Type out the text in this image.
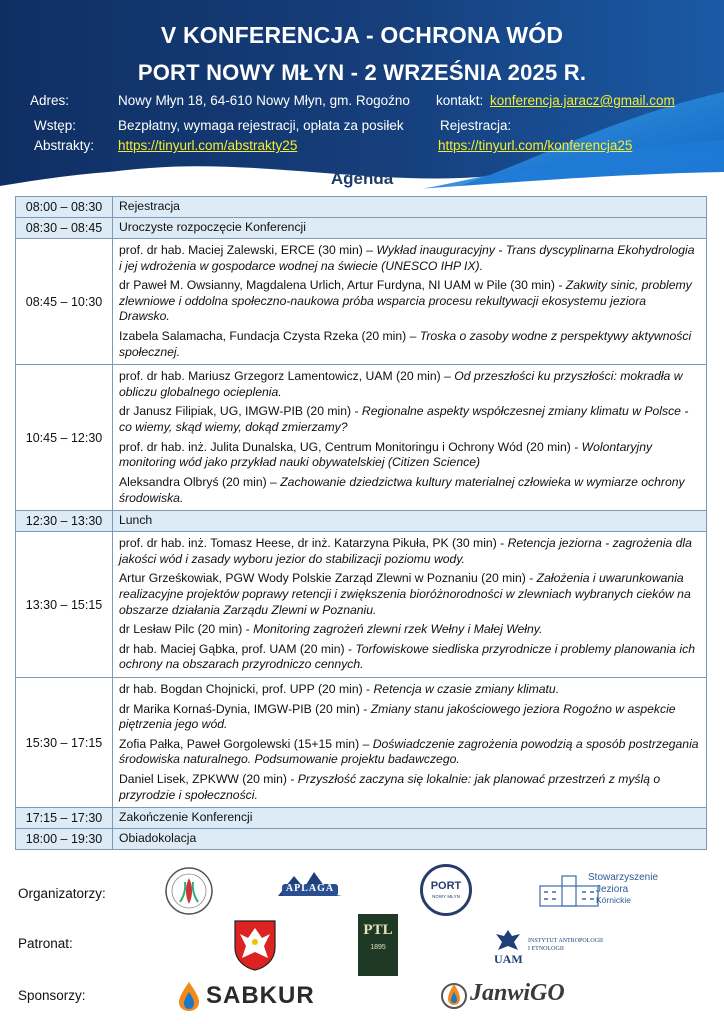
V KONFERENCJA - OCHRONA WÓD
PORT NOWY MŁYN - 2 WRZEŚNIA 2025 R.
Adres:	Nowy Młyn 18, 64-610 Nowy Młyn, gm. Rogoźno kontakt: konferencja.jaracz@gmail.com
Wstęp:	Bezpłatny, wymaga rejestracji, opłata za posiłek	Rejestracja:
Abstrakty: https://tinyurl.com/abstrakty25	https://tinyurl.com/konferencja25
Agenda
08:00 – 08:30	Rejestracja
08:30 – 08:45	Uroczyste rozpoczęcie Konferencji
08:45 – 10:30	prof. dr hab. Maciej Zalewski, ERCE (30 min) – Wykład inauguracyjny - Trans dyscyplinarna Ekohydrologia i jej wdrożenia w gospodarce wodnej na świecie (UNESCO IHP IX).
dr Paweł M. Owsianny, Magdalena Urlich, Artur Furdyna, NI UAM w Pile (30 min) - Zakwity sinic, problemy zlewniowe i oddolna społeczno-naukowa próba wsparcia procesu rekultywacji ekosystemu jeziora Drawsko.
Izabela Salamacha, Fundacja Czysta Rzeka (20 min) – Troska o zasoby wodne z perspektywy aktywności społecznej.

10:45 – 12:30	prof. dr hab. Mariusz Grzegorz Lamentowicz, UAM (20 min) – Od przeszłości ku przyszłości: mokradła w obliczu globalnego ocieplenia.
dr Janusz Filipiak, UG, IMGW-PIB (20 min) - Regionalne aspekty współczesnej zmiany klimatu w Polsce - co wiemy, skąd wiemy, dokąd zmierzamy?
prof. dr hab. inż. Julita Dunalska, UG, Centrum Monitoringu i Ochrony Wód (20 min) - Wolontaryjny monitoring wód jako przykład nauki obywatelskiej (Citizen Science)
Aleksandra Olbryś (20 min) – Zachowanie dziedzictwa kultury materialnej człowieka w wymiarze ochrony środowiska.

12:30 – 13:30	Lunch
13:30 – 15:15	prof. dr hab. inż. Tomasz Heese, dr inż. Katarzyna Pikuła, PK (30 min) - Retencja jeziorna - zagrożenia dla jakości wód i zasady wyboru jezior do stabilizacji poziomu wody.
Artur Grześkowiak, PGW Wody Polskie Zarząd Zlewni w Poznaniu (20 min) - Założenia i uwarunkowania realizacyjne projektów poprawy retencji i zwiększenia bioróżnorodności w zlewniach wybranych cieków na obszarze działania Zarządu Zlewni w Poznaniu.
dr Lesław Pilc (20 min) - Monitoring zagrożeń zlewni rzek Wełny i Małej Wełny.
dr hab. Maciej Gąbka, prof. UAM (20 min) - Torfowiskowe siedliska przyrodnicze i problemy planowania ich ochrony na obszarach przyrodniczo cennych.

15:30 – 17:15	dr hab. Bogdan Chojnicki, prof. UPP (20 min) - Retencja w czasie zmiany klimatu.
dr Marika Kornaś-Dynia, IMGW-PIB (20 min) - Zmiany stanu jakościowego jeziora Rogoźno w aspekcie piętrzenia jego wód.
Zofia Pałka, Paweł Gorgolewski (15+15 min) – Doświadczenie zagrożenia powodzią a sposób postrzegania środowiska naturalnego. Podsumowanie projektu badawczego.
Daniel Lisek, ZPKWW (20 min) - Przyszłość zaczyna się lokalnie: jak planować przestrzeń z myślą o przyrodzie i społeczności.

17:15 – 17:30	Zakończenie Konferencji
18:00 – 19:30	Obiadokolacja
Organizatorzy:
Patronat:
Sponsorzy:
APLAGA	PORT
NOWY MŁYN
Stowarzyszenie
Jeziora
Kórnickie
PTL
1895
UAM
INSTYTUT ANTROPOLOGII
I ETNOLOGII
SABKUR	JanwiGO
